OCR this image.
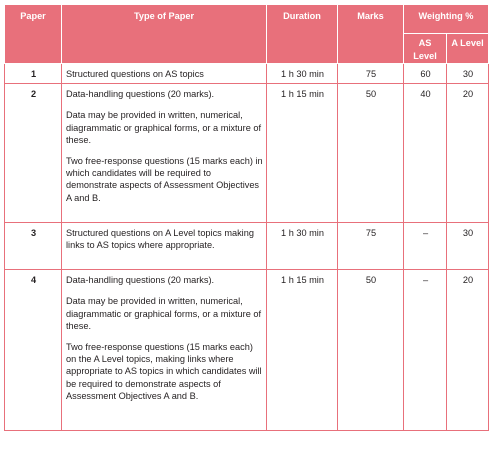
Paper	Type of Paper	Duration	Marks	Weighting %	
				AS Level	A Level
1	Structured questions on AS topics	1 h 30 min	75	60	30
2	Data-handling questions (20 marks).

Data may be provided in written, numerical, diagrammatic or graphical forms, or a mixture of these.

Two free-response questions (15 marks each) in which candidates will be required to demonstrate aspects of Assessment Objectives A and B.	1 h 15 min	50	40	20
3	Structured questions on A Level topics making links to AS topics where appropriate.	1 h 30 min	75	–	30
4	Data-handling questions (20 marks).

Data may be provided in written, numerical, diagrammatic or graphical forms, or a mixture of these.

Two free-response questions (15 marks each) on the A Level topics, making links where appropriate to AS topics in which candidates will be required to demonstrate aspects of Assessment Objectives A and B.	1 h 15 min	50	–	20
